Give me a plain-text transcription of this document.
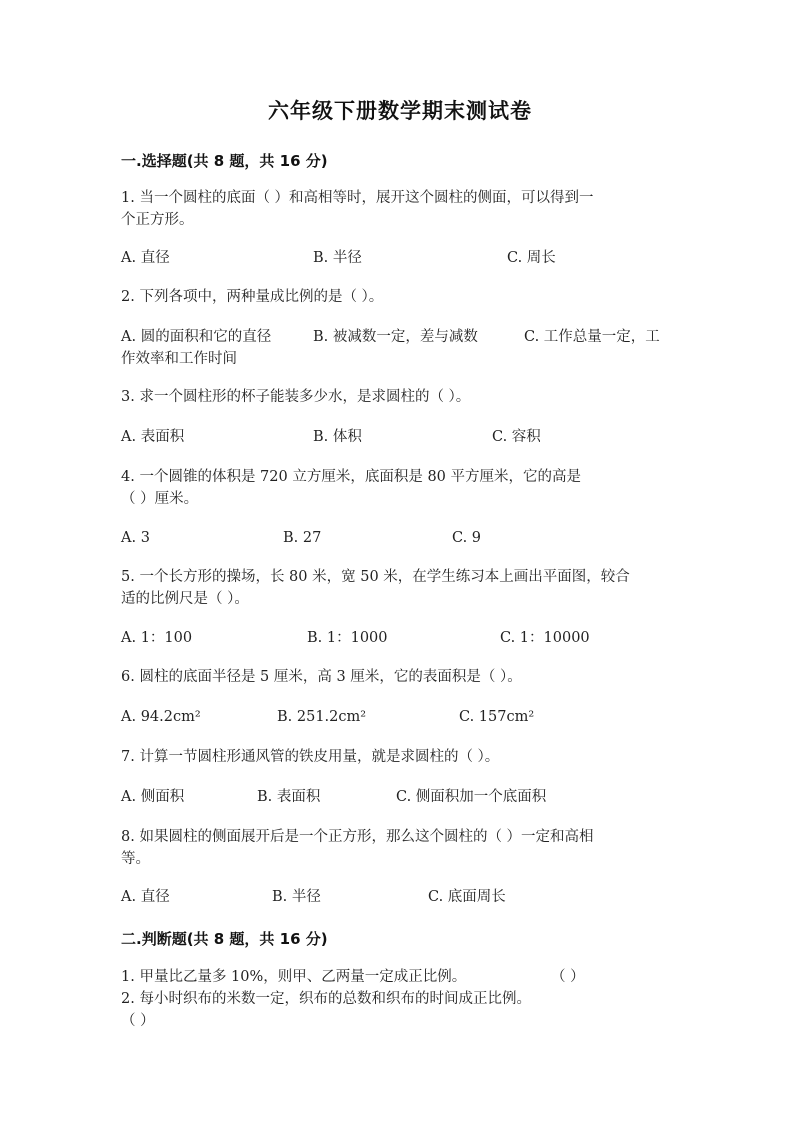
六年级下册数学期末测试卷
一.选择题(共 8 题，共 16 分)
1. 当一个圆柱的底面（ ）和高相等时，展开这个圆柱的侧面，可以得到一
个正方形。
A. 直径	B. 半径	C. 周长
2. 下列各项中，两种量成比例的是（ ）。
A. 圆的面积和它的直径
作效率和工作时间
B. 被减数一定，差与减数	C. 工作总量一定，工
3. 求一个圆柱形的杯子能装多少水，是求圆柱的（ ）。
A. 表面积	B. 体积	C. 容积
4. 一个圆锥的体积是 720 立方厘米，底面积是 80 平方厘米，它的高是
（ ）厘米。
A. 3	B. 27	C. 9
5. 一个长方形的操场，长 80 米，宽 50 米，在学生练习本上画出平面图，较合
适的比例尺是（ ）。
A. 1：100	B. 1：1000	C. 1：10000
6. 圆柱的底面半径是 5 厘米，高 3 厘米，它的表面积是（ ）。
A. 94.2cm²	B. 251.2cm²	C. 157cm²
7. 计算一节圆柱形通风管的铁皮用量，就是求圆柱的（ ）。
A. 侧面积	B. 表面积	C. 侧面积加一个底面积
8. 如果圆柱的侧面展开后是一个正方形，那么这个圆柱的（ ）一定和高相
等。
A. 直径	B. 半径	C. 底面周长
二.判断题(共 8 题，共 16 分)
1. 甲量比乙量多 10%，则甲、乙两量一定成正比例。	（ ）
2. 每小时织布的米数一定，织布的总数和织布的时间成正比例。
（ ）
